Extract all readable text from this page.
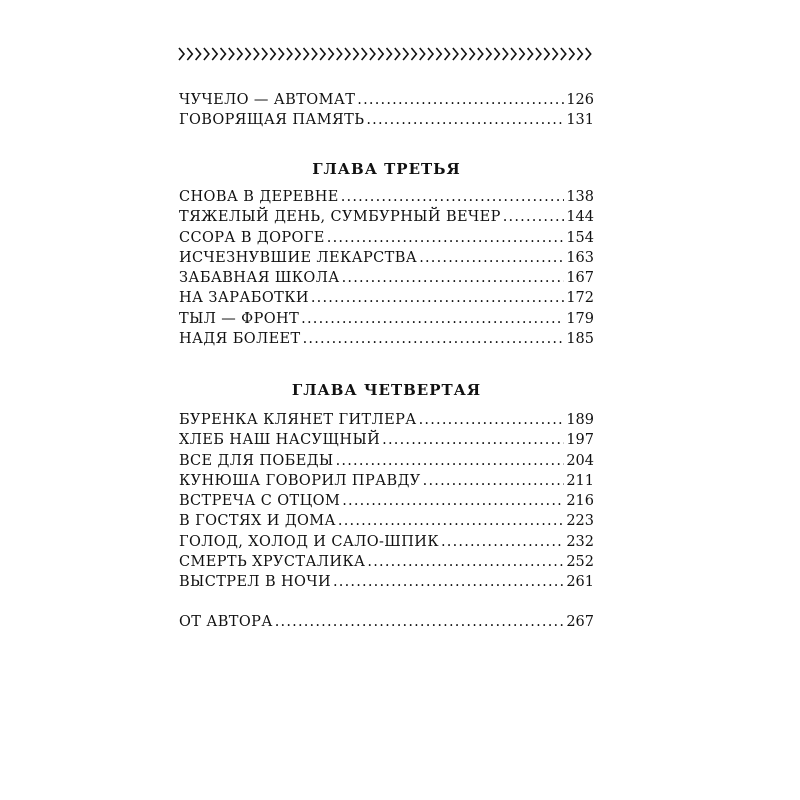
ЧУЧЕЛО — АВТОМАТ .....	126
ГОВОРЯЩАЯ ПАМЯТЬ .....	131
ГЛАВА ТРЕТЬЯ
СНОВА В ДЕРЕВНЕ .....	138
ТЯЖЕЛЫЙ ДЕНЬ, СУМБУРНЫЙ ВЕЧЕР .....	144
ССОРА В ДОРОГЕ .....	154
ИСЧЕЗНУВШИЕ ЛЕКАРСТВА .....	163
ЗАБАВНАЯ ШКОЛА .....	167
НА ЗАРАБОТКИ .....	172
ТЫЛ — ФРОНТ .....	179
НАДЯ БОЛЕЕТ .....	185
ГЛАВА ЧЕТВЕРТАЯ
БУРЕНКА КЛЯНЕТ ГИТЛЕРА .....	189
ХЛЕБ НАШ НАСУЩНЫЙ .....	197
ВСЕ ДЛЯ ПОБЕДЫ .....	204
КУНЮША ГОВОРИЛ ПРАВДУ .....	211
ВСТРЕЧА С ОТЦОМ .....	216
В ГОСТЯХ И ДОМА .....	223
ГОЛОД, ХОЛОД И САЛО-ШПИК .....	232
СМЕРТЬ ХРУСТАЛИКА .....	252
ВЫСТРЕЛ В НОЧИ .....	261
ОТ АВТОРА .....	267
